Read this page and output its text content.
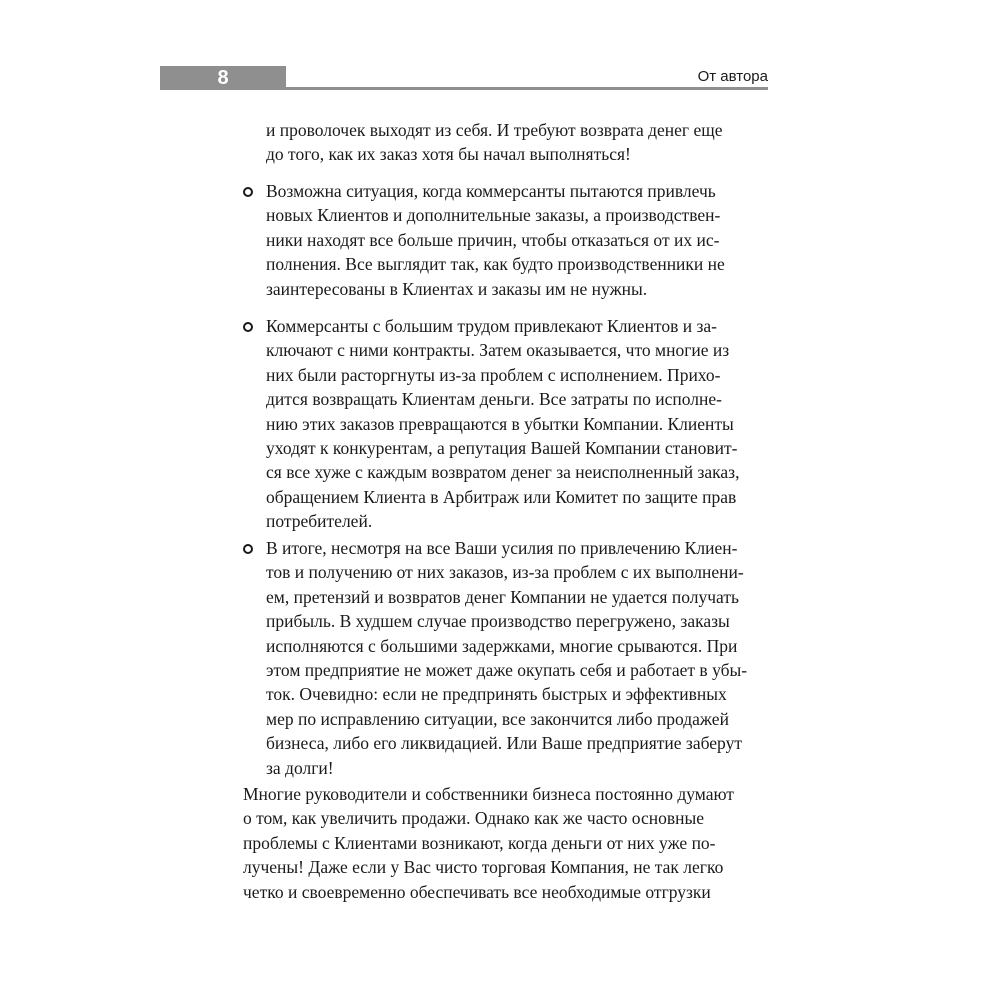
8	От автора
и проволочек выходят из себя. И требуют возврата денег еще
до того, как их заказ хотя бы начал выполняться!
Возможна ситуация, когда коммерсанты пытаются привлечь
новых Клиентов и дополнительные заказы, а производствен-
ники находят все больше причин, чтобы отказаться от их ис-
полнения. Все выглядит так, как будто производственники не
заинтересованы в Клиентах и заказы им не нужны.
Коммерсанты с большим трудом привлекают Клиентов и за-
ключают с ними контракты. Затем оказывается, что многие из
них были расторгнуты из-за проблем с исполнением. Прихо-
дится возвращать Клиентам деньги. Все затраты по исполне-
нию этих заказов превращаются в убытки Компании. Клиенты
уходят к конкурентам, а репутация Вашей Компании становит-
ся все хуже с каждым возвратом денег за неисполненный заказ,
обращением Клиента в Арбитраж или Комитет по защите прав
потребителей.
В итоге, несмотря на все Ваши усилия по привлечению Клиен-
тов и получению от них заказов, из-за проблем с их выполнени-
ем, претензий и возвратов денег Компании не удается получать
прибыль. В худшем случае производство перегружено, заказы
исполняются с большими задержками, многие срываются. При
этом предприятие не может даже окупать себя и работает в убы-
ток. Очевидно: если не предпринять быстрых и эффективных
мер по исправлению ситуации, все закончится либо продажей
бизнеса, либо его ликвидацией. Или Ваше предприятие заберут
за долги!
Многие руководители и собственники бизнеса постоянно думают
о том, как увеличить продажи. Однако как же часто основные
проблемы с Клиентами возникают, когда деньги от них уже по-
лучены! Даже если у Вас чисто торговая Компания, не так легко
четко и своевременно обеспечивать все необходимые отгрузки
